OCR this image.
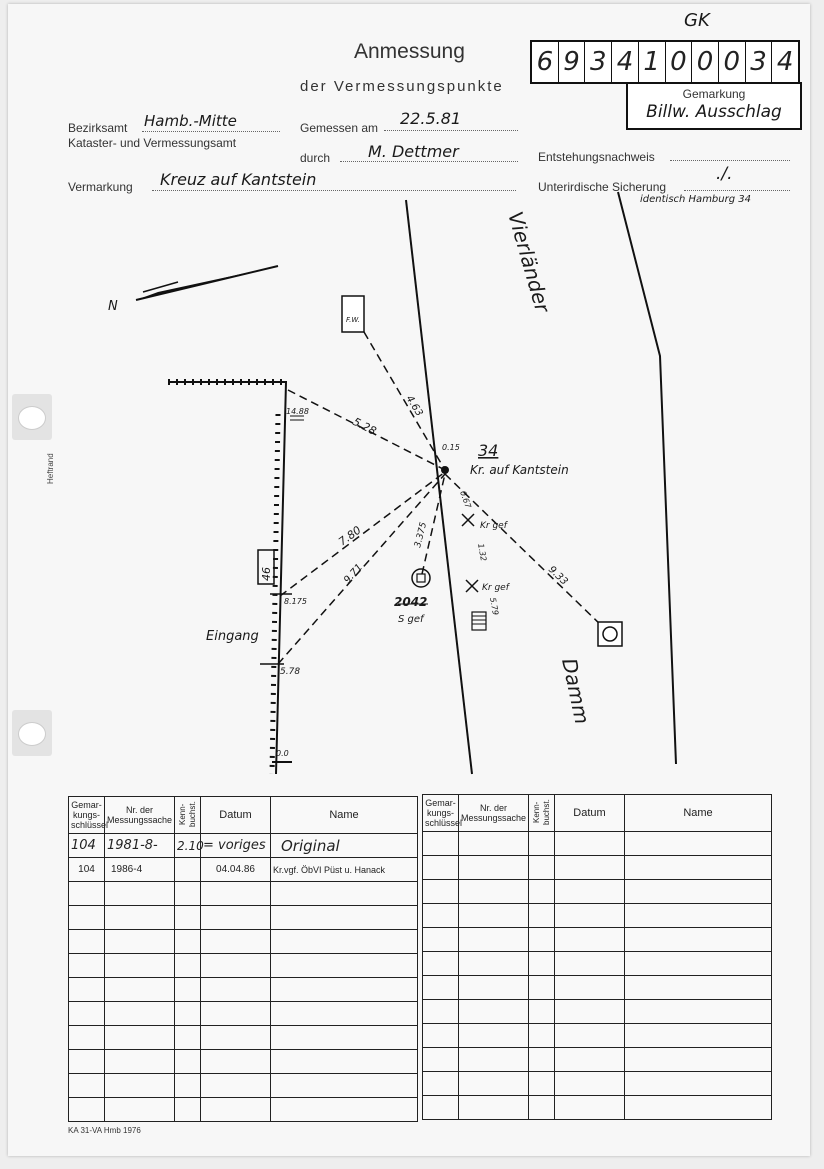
Heftrand
Anmessung
der Vermessungspunkte
GK
6 9 3 4 1 0 0 0 3 4
Gemarkung
Billw. Ausschlag
Bezirksamt Hamb.-Mitte
Kataster- und Vermessungsamt
Gemessen am 22.5.81
durch M. Dettmer	Entstehungsnachweis
Vermarkung Kreuz auf Kantstein	Unterirdische Sicherung
./.
identisch Hamburg 34
N	Vierländer
Damm
46
F.W.
34
Kr. auf Kantstein
Eingang
2042
S gef
Kr gef
Kr gef
4.63
5.28
0.15
0.67
7.80
9.71
3.375
1.32
5.79
9.33
14.88
8.175
5.78
0.0
Gemar-kungs-schlüssel	Nr. der Messungssache	Kenn-buchst.	Datum	Name
104	1981-8-	2.10	= voriges	Original
104	1986-4		04.04.86	Kr.vgf. ÖbVI Püst u. Hanack

Gemar-kungs-schlüssel	Nr. der Messungssache	Kenn-buchst.	Datum	Name

KA 31-VA Hmb 1976
